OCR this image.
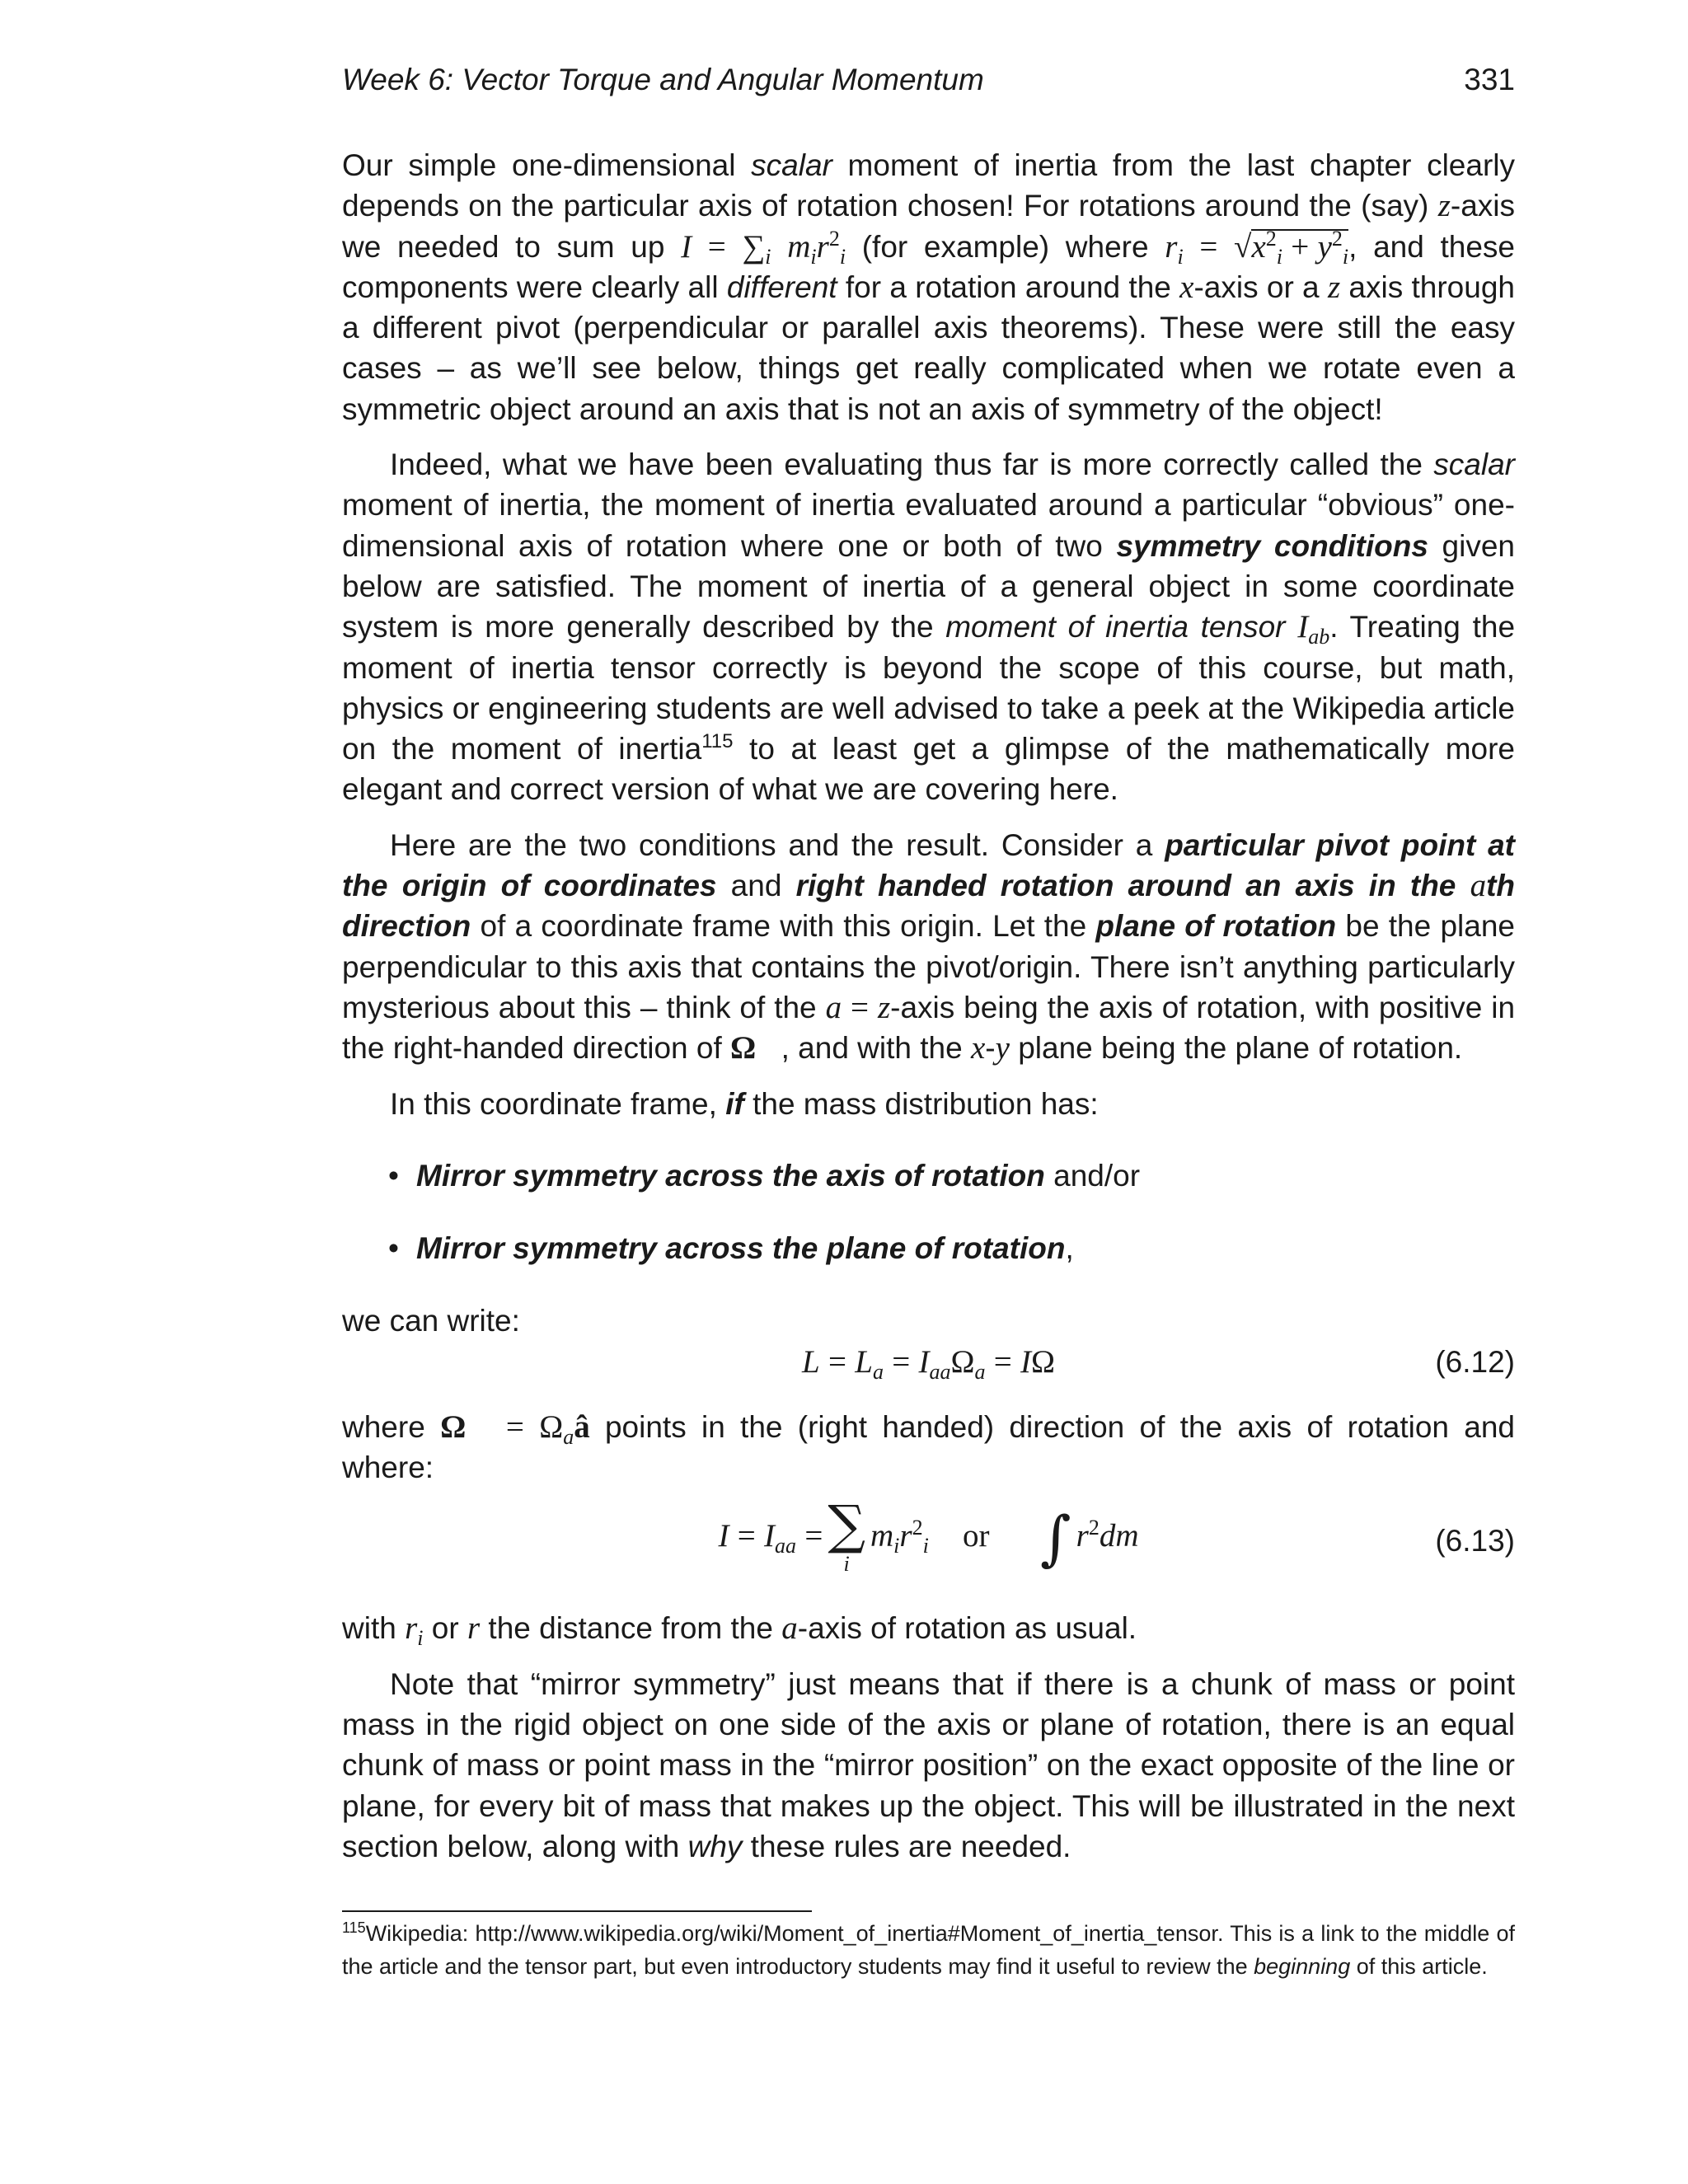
Week 6: Vector Torque and Angular Momentum	331

Our simple one-dimensional scalar moment of inertia from the last chapter clearly depends on the particular axis of rotation chosen! For rotations around the (say) z-axis we needed to sum up $I = \sum_i$ $m_ir^2_i$ (for example) where $r_i = √x^2_i + y^2_i$, and these components were clearly all different for a rotation around the x-axis or a z axis through a different pivot (perpendicular or parallel axis theorems). These were still the easy cases – as we’ll see below, things get really complicated when we rotate even a symmetric object around an axis that is not an axis of symmetry of the object!

Indeed, what we have been evaluating thus far is more correctly called the scalar moment of inertia, the moment of inertia evaluated around a particular “obvious” one-dimensional axis of rotation where one or both of two symmetry conditions given below are satisfied. The moment of inertia of a general object in some coordinate system is more generally described by the moment of inertia tensor $I_{ab}$. Treating the moment of inertia tensor correctly is beyond the scope of this course, but math, physics or engineering students are well advised to take a peek at the Wikipedia article on the moment of inertia$^{115}$ to at least get a glimpse of the mathematically more elegant and correct version of what we are covering here.

Here are the two conditions and the result. Consider a particular pivot point at the origin of coordinates and right handed rotation around an axis in the ath direction of a coordinate frame with this origin. Let the plane of rotation be the plane perpendicular to this axis that contains the pivot/origin. There isn’t anything particularly mysterious about this – think of the a = z-axis being the axis of rotation, with positive in the right-handed direction of Ω⃗, and with the x-y plane being the plane of rotation.

In this coordinate frame, if the mass distribution has:

• Mirror symmetry across the axis of rotation and/or
• Mirror symmetry across the plane of rotation,

we can write:

$L = L_a = I_{aa}\Omega_a = I\Omega$	(6.12)

where Ω⃗ = $\Omega_aâ$ points in the (right handed) direction of the axis of rotation and where:

$I = I_{aa}$ = ∑
i
$m_ir^2_i$ or ∫ $r^2dm$	(6.13)

with $r_i$ or r the distance from the a-axis of rotation as usual.

Note that “mirror symmetry” just means that if there is a chunk of mass or point mass in the rigid object on one side of the axis or plane of rotation, there is an equal chunk of mass or point mass in the “mirror position” on the exact opposite of the line or plane, for every bit of mass that makes up the object. This will be illustrated in the next section below, along with why these rules are needed.

$^{115}$Wikipedia: http://www.wikipedia.org/wiki/Moment_of_inertia#Moment_of_inertia_tensor. This is a link to the middle of the article and the tensor part, but even introductory students may find it useful to review the beginning of this article.
